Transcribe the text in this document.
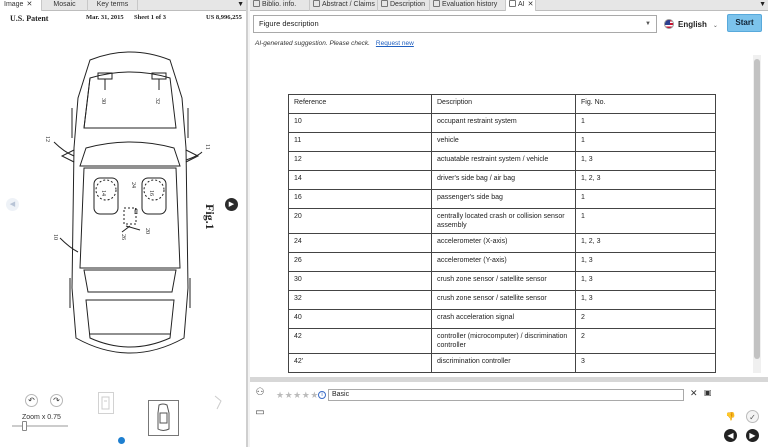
Image ✕	Mosaic	Key terms	▼
U.S. Patent	Mar. 31, 2015 Sheet 1 of 3	US 8,996,255
30	32
12
11
14	16
24
26
20
40
10
Fig.1
◀	▶
↶	↷
Zoom x 0.75
Biblio. info.	Abstract / Claims	Description	Evaluation history	AI ✕	▼
Figure description	▼	English ⌄	Start
AI-generated suggestion. Please check. Request new
Reference	Description	Fig. No.
10	occupant restraint system	1
11	vehicle	1
12	actuatable restraint system / vehicle	1, 3
14	driver's side bag / air bag	1, 2, 3
16	passenger's side bag	1
20	centrally located crash or collision sensor assembly	1
24	accelerometer (X-axis)	1, 2, 3
26	accelerometer (Y-axis)	1, 3
30	crush zone sensor / satellite sensor	1, 3
32	crush zone sensor / satellite sensor	1, 3
40	crash acceleration signal	2
42	controller (microcomputer) / discrimination controller	2
42'	discrimination controller	3
⚇
▭
★★★★★ i	Basic	✕ ▣
👎	✓
◀	▶
